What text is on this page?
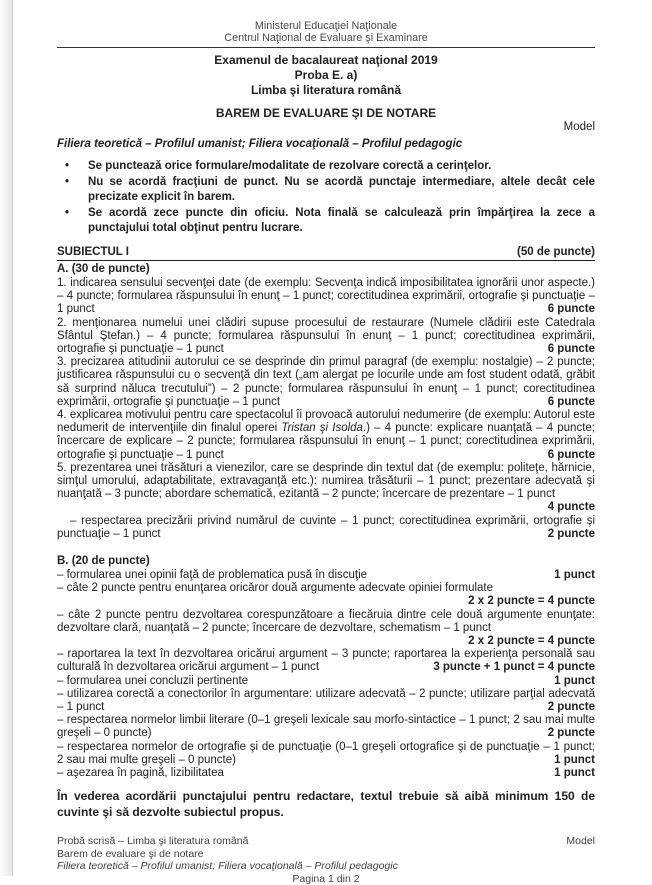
Ministerul Educaţiei Naţionale
Centrul Naţional de Evaluare şi Examinare
Examenul de bacalaureat naţional 2019
Proba E. a)
Limba şi literatura română
BAREM DE EVALUARE ŞI DE NOTARE
Model
Filiera teoretică – Profilul umanist; Filiera vocaţională – Profilul pedagogic
• Se punctează orice formulare/modalitate de rezolvare corectă a cerinţelor.
• Nu se acordă fracţiuni de punct. Nu se acordă punctaje intermediare, altele decât cele precizate explicit în barem.
• Se acordă zece puncte din oficiu. Nota finală se calculează prin împărţirea la zece a punctajului total obţinut pentru lucrare.
SUBIECTUL I	(50 de puncte)
A. (30 de puncte)

1. indicarea sensului secvenţei date (de exemplu: Secvenţa indică imposibilitatea ignorării unor aspecte.) – 4 puncte; formularea răspunsului în enunţ – 1 punct; corectitudinea exprimării, ortografie şi punctuaţie – 1 punct	6 puncte

2. menţionarea numelui unei clădiri supuse procesului de restaurare (Numele clădirii este Catedrala Sfântul Ştefan.) – 4 puncte; formularea răspunsului în enunţ – 1 punct; corectitudinea exprimării, ortografie şi punctuaţie – 1 punct	6 puncte

3. precizarea atitudinii autorului ce se desprinde din primul paragraf (de exemplu: nostalgie) – 2 puncte; justificarea răspunsului cu o secvenţă din text („am alergat pe locurile unde am fost student odată, grăbit să surprind năluca trecutului”) – 2 puncte; formularea răspunsului în enunţ – 1 punct; corectitudinea exprimării, ortografie şi punctuaţie – 1 punct	6 puncte

4. explicarea motivului pentru care spectacolul îi provoacă autorului nedumerire (de exemplu: Autorul este nedumerit de intervenţiile din finalul operei Tristan şi Isolda.) – 4 puncte: explicare nuanţată – 4 puncte; încercare de explicare – 2 puncte; formularea răspunsului în enunţ – 1 punct; corectitudinea exprimării, ortografie şi punctuaţie – 1 punct	6 puncte

5. prezentarea unei trăsături a vienezilor, care se desprinde din textul dat (de exemplu: politeţe, hărnicie, simţul umorului, adaptabilitate, extravaganţă etc.): numirea trăsăturii – 1 punct; prezentare adecvată şi nuanţată – 3 puncte; abordare schematică, ezitantă – 2 puncte; încercare de prezentare – 1 punct

4 puncte

– respectarea precizării privind numărul de cuvinte – 1 punct; corectitudinea exprimării, ortografie şi punctuaţie – 1 punct	2 puncte

B. (20 de puncte)

– formularea unei opinii faţă de problematica pusă în discuţie	1 punct

– câte 2 puncte pentru enunţarea oricăror două argumente adecvate opiniei formulate

2 x 2 puncte = 4 puncte

– câte 2 puncte pentru dezvoltarea corespunzătoare a fiecăruia dintre cele două argumente enunţate: dezvoltare clară, nuanţată – 2 puncte; încercare de dezvoltare, schematism – 1 punct

2 x 2 puncte = 4 puncte

– raportarea la text în dezvoltarea oricărui argument – 3 puncte; raportarea la experienţa personală sau culturală în dezvoltarea oricărui argument – 1 punct	3 puncte + 1 punct = 4 puncte

– formularea unei concluzii pertinente	1 punct

– utilizarea corectă a conectorilor în argumentare: utilizare adecvată – 2 puncte; utilizare parţial adecvată – 1 punct	2 puncte

– respectarea normelor limbii literare (0–1 greşeli lexicale sau morfo-sintactice – 1 punct; 2 sau mai multe greşeli – 0 puncte)	2 puncte

– respectarea normelor de ortografie şi de punctuaţie (0–1 greşeli ortografice şi de punctuaţie – 1 punct; 2 sau mai multe greşeli – 0 puncte)	1 punct

– aşezarea în pagină, lizibilitatea	1 punct

În vederea acordării punctajului pentru redactare, textul trebuie să aibă minimum 150 de cuvinte şi să dezvolte subiectul propus.

Probă scrisă – Limba şi literatura română	Model
Barem de evaluare şi de notare
Filiera teoretică – Profilul umanist; Filiera vocaţională – Profilul pedagogic
Pagina 1 din 2
